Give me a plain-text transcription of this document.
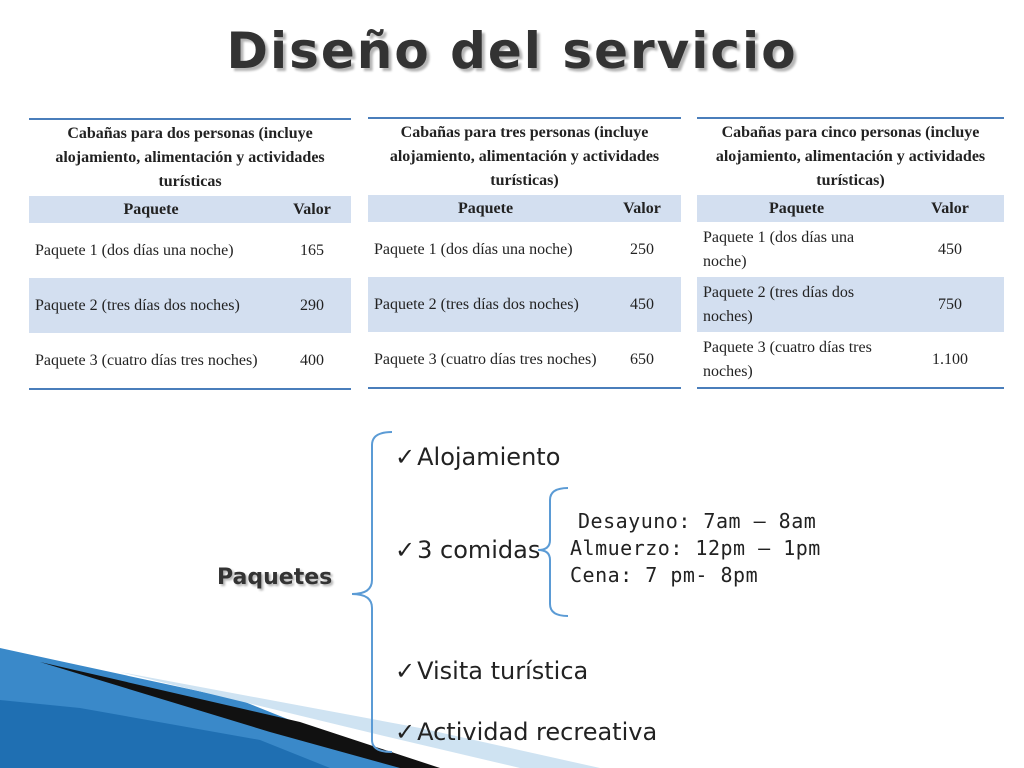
Diseño del servicio
Cabañas para dos personas (incluye alojamiento, alimentación y actividades turísticas	
Paquete	Valor
Paquete 1 (dos días una noche)	165
Paquete 2 (tres días dos noches)	290
Paquete 3 (cuatro días tres noches)	400
Cabañas para tres personas (incluye alojamiento, alimentación y actividades turísticas)	
Paquete	Valor
Paquete 1 (dos días una noche)	250
Paquete 2 (tres días dos noches)	450
Paquete 3 (cuatro días tres noches)	650
Cabañas para cinco personas (incluye alojamiento, alimentación y actividades turísticas)	
Paquete	Valor
Paquete 1 (dos días una noche)	450
Paquete 2 (tres días dos noches)	750
Paquete 3 (cuatro días tres noches)	1.100
Paquetes
✓Alojamiento
✓3 comidas
✓Visita turística
✓Actividad recreativa
Desayuno: 7am – 8am
Almuerzo: 12pm – 1pm
Cena: 7 pm- 8pm
